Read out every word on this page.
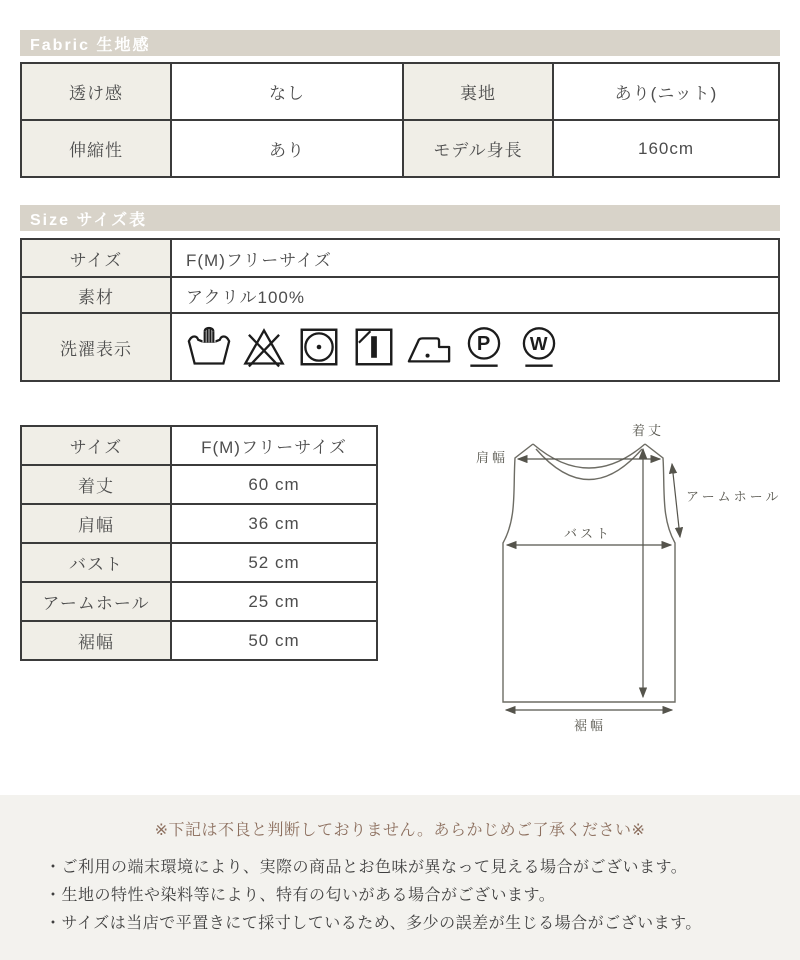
Fabric 生地感
透け感	なし	裏地	あり(ニット)
伸縮性	あり	モデル身長	160cm
Size サイズ表
サイズ	F(M)フリーサイズ
素材	アクリル100%
洗濯表示	P W
サイズ	F(M)フリーサイズ
着丈	60 cm
肩幅	36 cm
バスト	52 cm
アームホール	25 cm
裾幅	50 cm
着丈
肩幅
アームホール
バスト
裾幅
※下記は不良と判断しておりません。あらかじめご了承ください※
・ご利用の端末環境により、実際の商品とお色味が異なって見える場合がございます。
・生地の特性や染料等により、特有の匂いがある場合がございます。
・サイズは当店で平置きにて採寸しているため、多少の誤差が生じる場合がございます。
